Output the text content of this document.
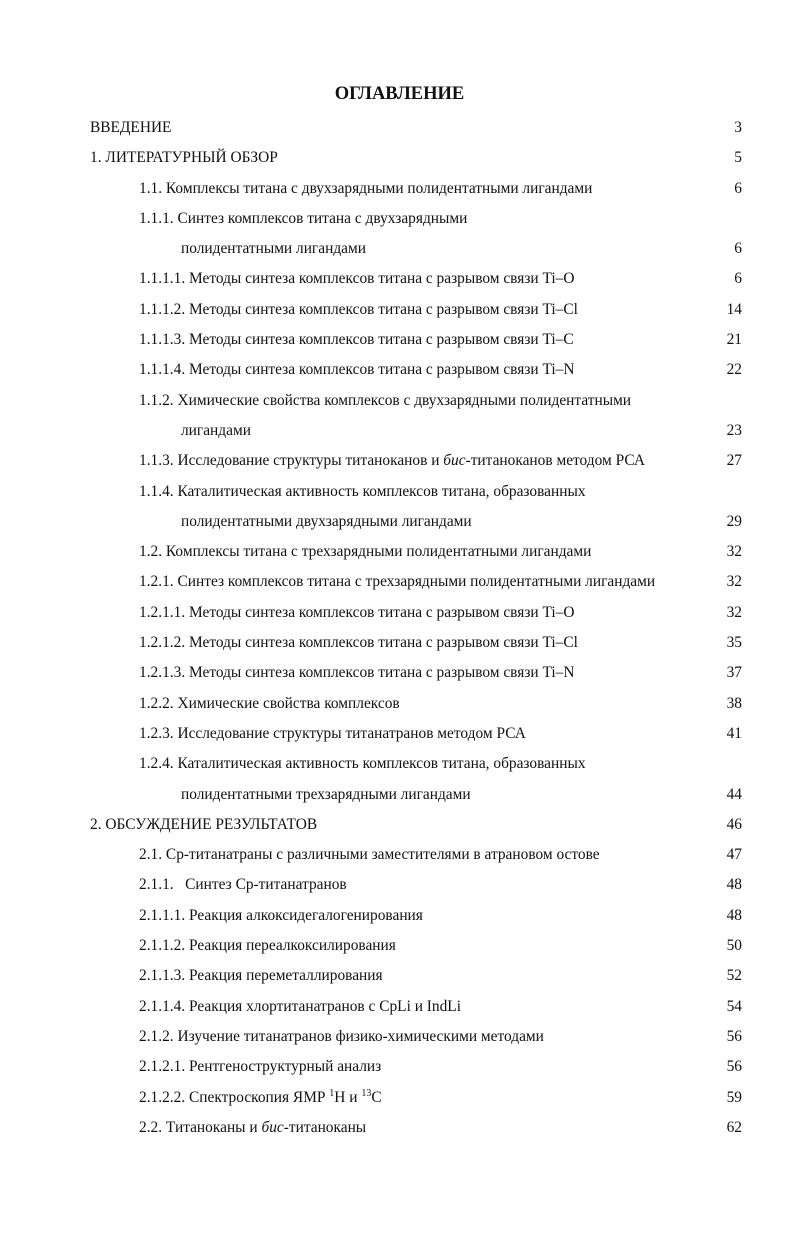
ОГЛАВЛЕНИЕ
ВВЕДЕНИЕ	3
1. ЛИТЕРАТУРНЫЙ ОБЗОР	5
1.1. Комплексы титана с двухзарядными полидентатными лигандами	6
1.1.1. Синтез комплексов титана с двухзарядными
полидентатными лигандами	6
1.1.1.1. Методы синтеза комплексов титана с разрывом связи Ti–O	6
1.1.1.2. Методы синтеза комплексов титана с разрывом связи Ti–Cl	14
1.1.1.3. Методы синтеза комплексов титана с разрывом связи Ti–C	21
1.1.1.4. Методы синтеза комплексов титана с разрывом связи Ti–N	22
1.1.2. Химические свойства комплексов с двухзарядными полидентатными
лигандами	23
1.1.3. Исследование структуры титаноканов и бис-титаноканов методом РСА	27
1.1.4. Каталитическая активность комплексов титана, образованных
полидентатными двухзарядными лигандами	29
1.2. Комплексы титана с трехзарядными полидентатными лигандами	32
1.2.1. Синтез комплексов титана с трехзарядными полидентатными лигандами	32
1.2.1.1. Методы синтеза комплексов титана с разрывом связи Ti–O	32
1.2.1.2. Методы синтеза комплексов титана с разрывом связи Ti–Cl	35
1.2.1.3. Методы синтеза комплексов титана с разрывом связи Ti–N	37
1.2.2. Химические свойства комплексов	38
1.2.3. Исследование структуры титанатранов методом РСА	41
1.2.4. Каталитическая активность комплексов титана, образованных
полидентатными трехзарядными лигандами	44
2. ОБСУЖДЕНИЕ РЕЗУЛЬТАТОВ	46
2.1. Cp-титанатраны с различными заместителями в атрановом остове	47
2.1.1.   Синтез Cp-титанатранов	48
2.1.1.1. Реакция алкоксидегалогенирования	48
2.1.1.2. Реакция переалкоксилирования	50
2.1.1.3. Реакция переметаллирования	52
2.1.1.4. Реакция хлортитанатранов с CpLi и IndLi	54
2.1.2. Изучение титанатранов физико-химическими методами	56
2.1.2.1. Рентгеноструктурный анализ	56
2.1.2.2. Спектроскопия ЯМР $^1$H и $^{13}$C	59
2.2. Титаноканы и бис-титаноканы	62
